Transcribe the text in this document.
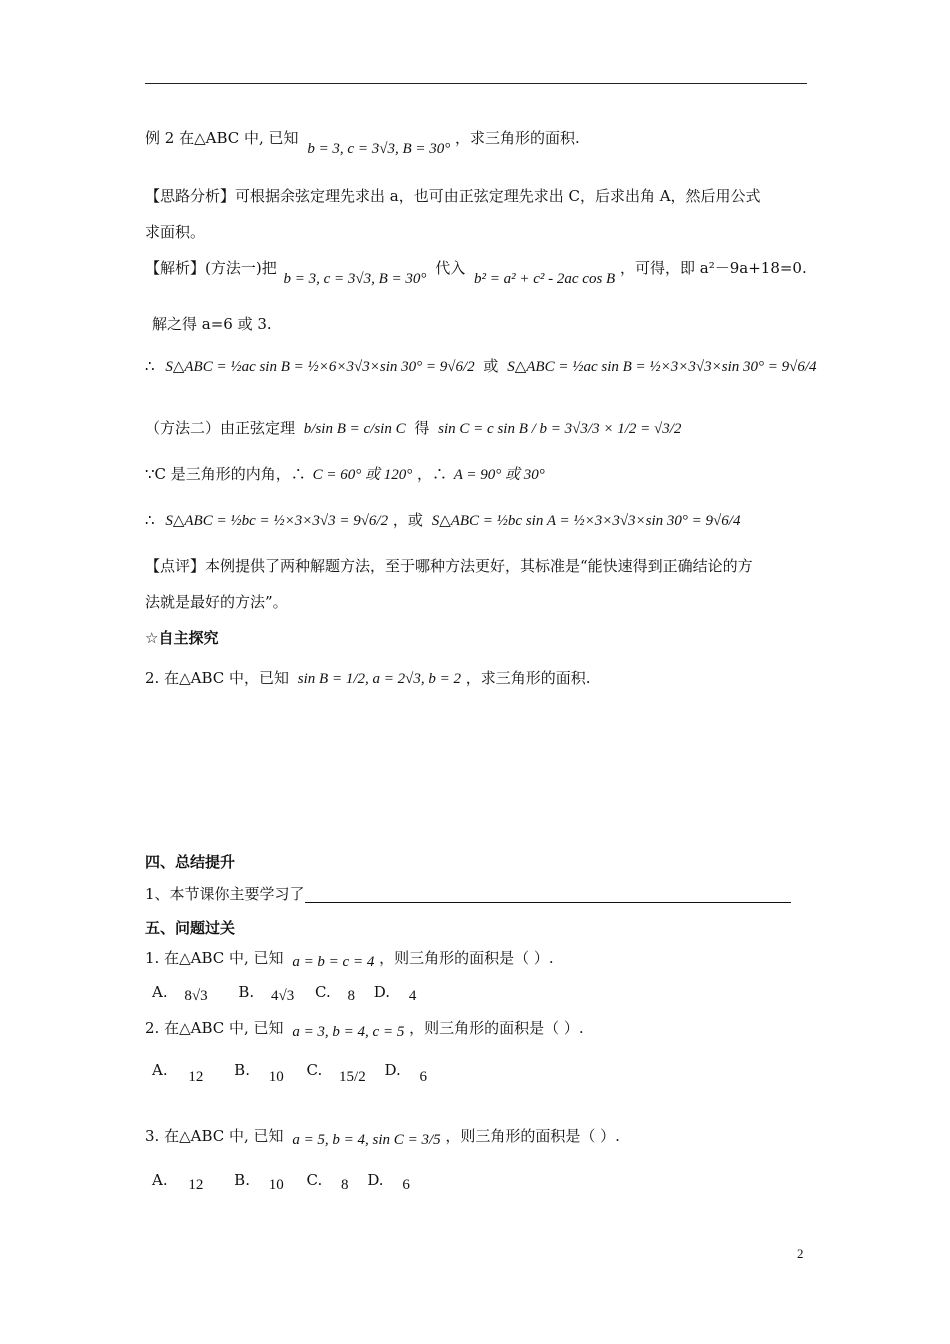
例 2 在△ABC 中, 已知 b = 3, c = 3√3, B = 30° ，求三角形的面积.
【思路分析】可根据余弦定理先求出 a，也可由正弦定理先求出 C，后求出角 A，然后用公式
求面积。
【解析】(方法一)把 b = 3, c = 3√3, B = 30° 代入 b² = a² + c² - 2ac cos B ，可得，即 a²－9a+18=0.
解之得 a=6 或 3.
∴ S△ABC = ½ac sin B = ½×6×3√3×sin 30° = 9√6/2 或 S△ABC = ½ac sin B = ½×3×3√3×sin 30° = 9√6/4
（方法二）由正弦定理 b/sin B = c/sin C 得 sin C = c sin B / b = 3√3/3 × 1/2 = √3/2
∵C 是三角形的内角，∴ C = 60° 或 120° ，∴ A = 90° 或 30°
∴ S△ABC = ½bc = ½×3×3√3 = 9√6/2 ，或 S△ABC = ½bc sin A = ½×3×3√3×sin 30° = 9√6/4
【点评】本例提供了两种解题方法，至于哪种方法更好，其标准是“能快速得到正确结论的方
法就是最好的方法”。
☆自主探究
2. 在△ABC 中，已知 sin B = 1/2, a = 2√3, b = 2 ，求三角形的面积.
四、总结提升
1、本节课你主要学习了
五、问题过关
1. 在△ABC 中, 已知 a = b = c = 4 ，则三角形的面积是（ ）.
A. 8√3 B. 4√3 C. 8 D. 4
2. 在△ABC 中, 已知 a = 3, b = 4, c = 5 ，则三角形的面积是（ ）.
A. 12 B. 10 C. 15/2 D. 6
3. 在△ABC 中, 已知 a = 5, b = 4, sin C = 3/5 ，则三角形的面积是（ ）.
A. 12 B. 10 C. 8 D. 6
2
